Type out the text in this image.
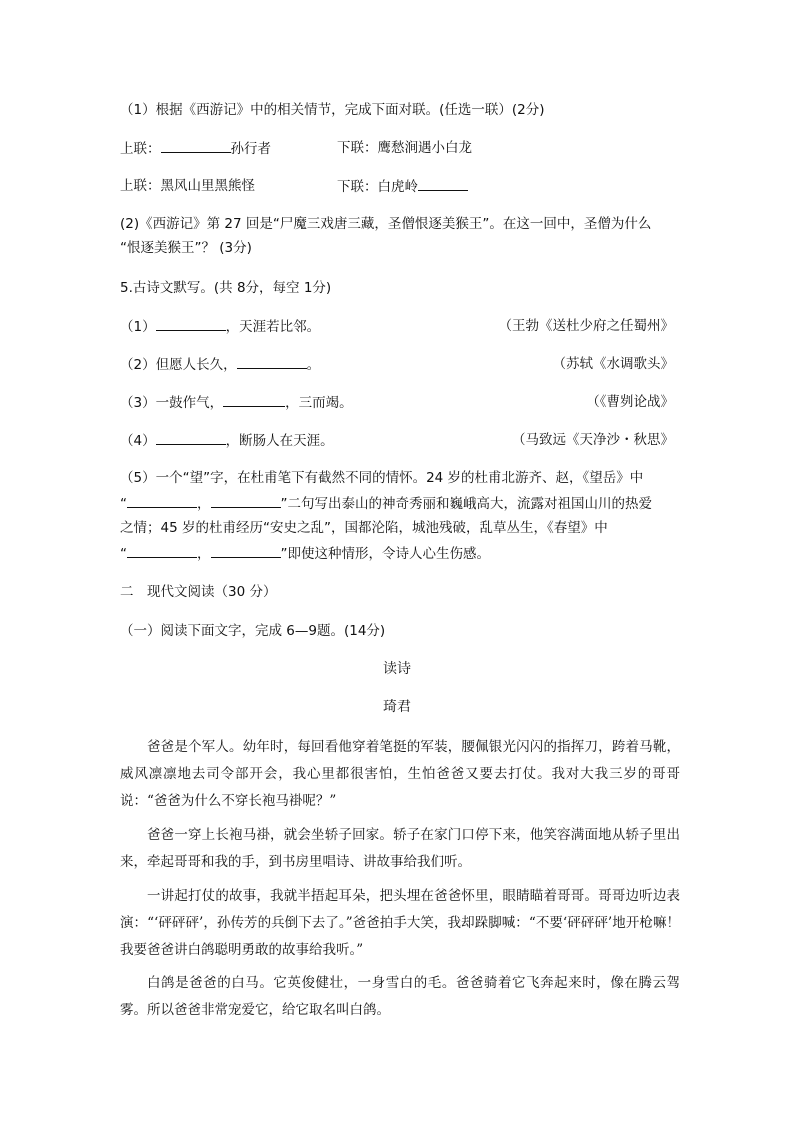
（1）根据《西游记》中的相关情节，完成下面对联。(任选一联）(2分)
上联：	孙行者	下联：鹰愁涧遇小白龙
上联：黑风山里黑熊怪	下联：白虎岭
(2)《西游记》第 27 回是“尸魔三戏唐三藏，圣僧恨逐美猴王”。在这一回中，圣僧为什么
“恨逐美猴王”？ (3分)
5.古诗文默写。(共 8分，每空 1分)
（1）	，天涯若比邻。	（王勃《送杜少府之任蜀州》
（2）但愿人长久，	。	（苏轼《水调歌头》
（3）一鼓作气，	，三而竭。	（《曹刿论战》
（4）	，断肠人在天涯。	（马致远《天净沙・秋思》
（5）一个“望”字，在杜甫笔下有截然不同的情怀。24 岁的杜甫北游齐、赵，《望岳》中
“	，	”二句写出泰山的神奇秀丽和巍峨高大，流露对祖国山川的热爱
之情；45 岁的杜甫经历“安史之乱”，国都沦陷，城池残破，乱草丛生，《春望》中
“	，	”即使这种情形，令诗人心生伤感。
二　现代文阅读（30 分）
（一）阅读下面文字，完成 6—9题。(14分)
读诗
琦君

爸爸是个军人。幼年时，每回看他穿着笔挺的军装，腰佩银光闪闪的指挥刀，跨着马靴，威风凛凛地去司令部开会，我心里都很害怕，生怕爸爸又要去打仗。我对大我三岁的哥哥说：“爸爸为什么不穿长袍马褂呢？”

爸爸一穿上长袍马褂，就会坐轿子回家。轿子在家门口停下来，他笑容满面地从轿子里出来，牵起哥哥和我的手，到书房里唱诗、讲故事给我们听。

一讲起打仗的故事，我就半捂起耳朵，把头埋在爸爸怀里，眼睛瞄着哥哥。哥哥边听边表演：“‘砰砰砰’，孙传芳的兵倒下去了。”爸爸拍手大笑，我却跺脚喊：“不要‘砰砰砰’地开枪嘛！我要爸爸讲白鸽聪明勇敢的故事给我听。”

白鸽是爸爸的白马。它英俊健壮，一身雪白的毛。爸爸骑着它飞奔起来时，像在腾云驾雾。所以爸爸非常宠爱它，给它取名叫白鸽。
